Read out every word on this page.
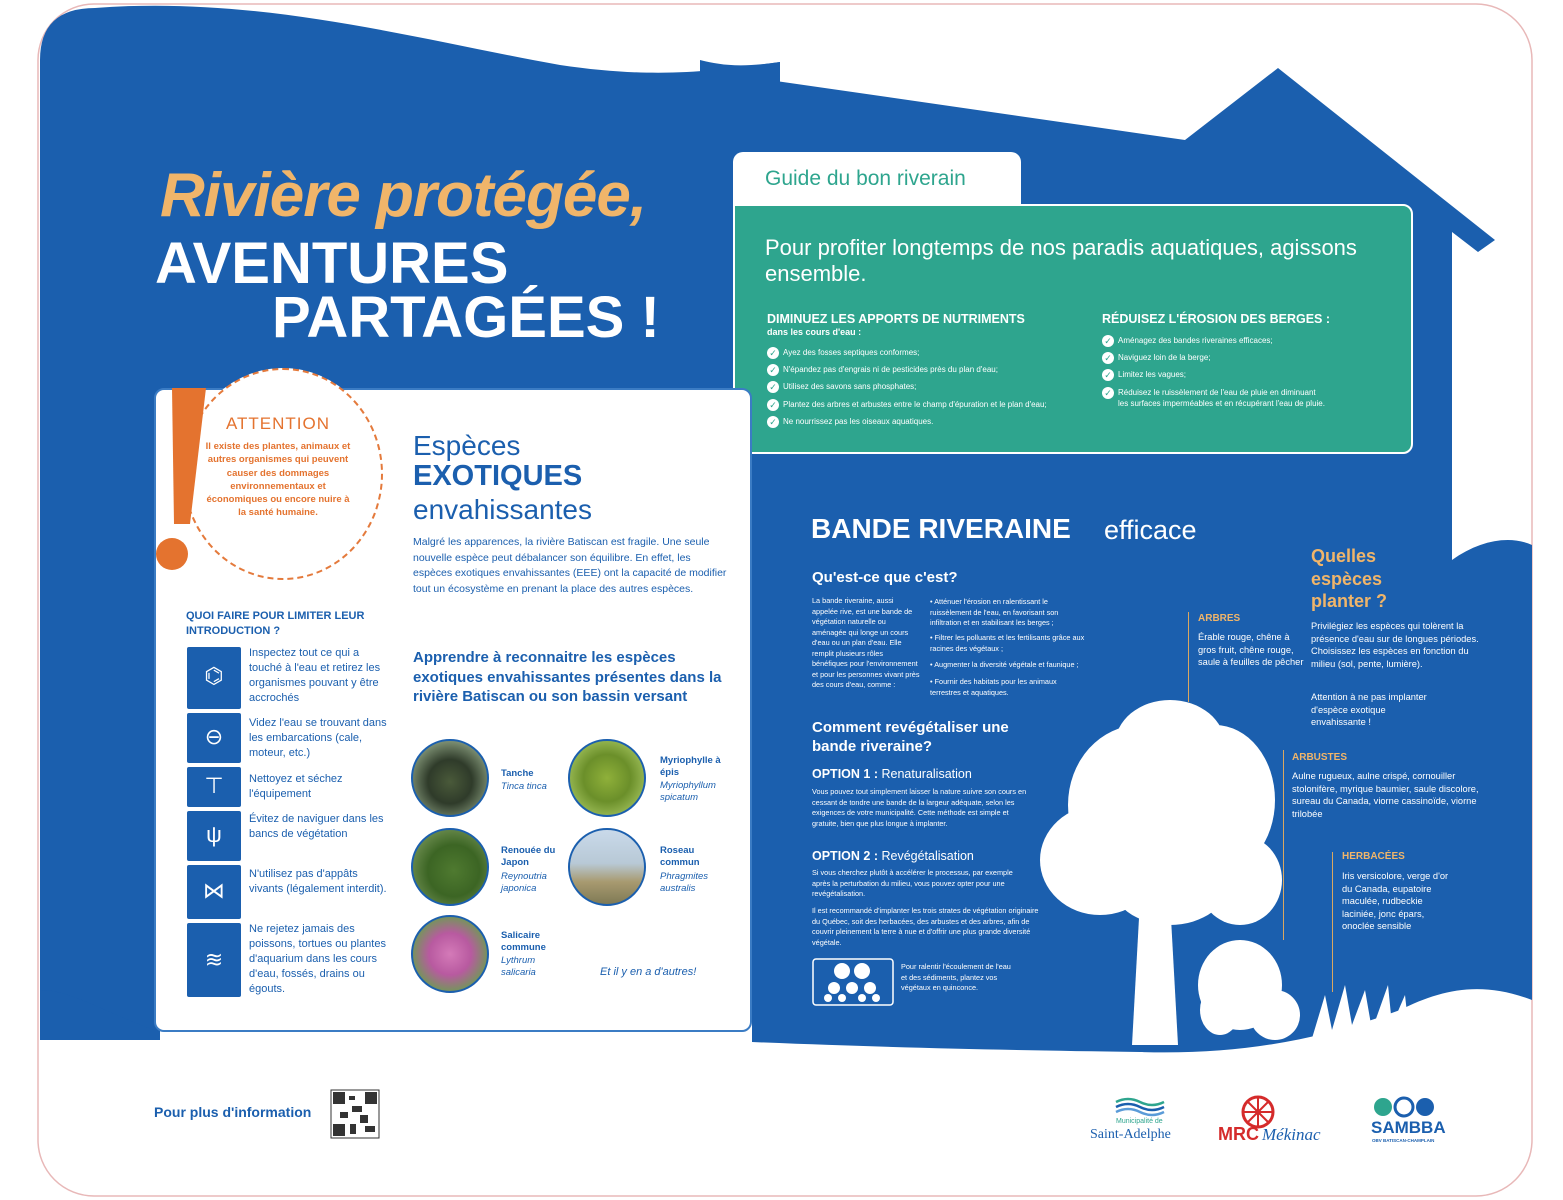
Rivière protégée,
AVENTURES
PARTAGÉES !
Guide du bon riverain
Pour profiter longtemps de nos paradis aquatiques, agissons ensemble.
DIMINUEZ LES APPORTS DE NUTRIMENTS
dans les cours d'eau :
✓ Ayez des fosses septiques conformes;
✓ N'épandez pas d'engrais ni de pesticides près du plan d'eau;
✓ Utilisez des savons sans phosphates;
✓ Plantez des arbres et arbustes entre le champ d'épuration et le plan d'eau;
✓ Ne nourrissez pas les oiseaux aquatiques.
RÉDUISEZ L'ÉROSION DES BERGES :
✓ Aménagez des bandes riveraines efficaces;
✓ Naviguez loin de la berge;
✓ Limitez les vagues;
✓ Réduisez le ruissèlement de l'eau de pluie en diminuant
les surfaces imperméables et en récupérant l'eau de pluie.
ATTENTION
Il existe des plantes, animaux et autres organismes qui peuvent causer des dommages environnementaux et économiques ou encore nuire à la santé humaine.
QUOI FAIRE POUR LIMITER LEUR INTRODUCTION ?
⌬
Inspectez tout ce qui a touché à l'eau et retirez les organismes pouvant y être accrochés
⊖
Videz l'eau se trouvant dans les embarcations (cale, moteur, etc.)
⊤	Nettoyez et séchez l'équipement
ψ
Évitez de naviguer dans les bancs de végétation
⋈
N'utilisez pas d'appâts vivants (légalement interdit).
≋
Ne rejetez jamais des poissons, tortues ou plantes d'aquarium dans les cours d'eau, fossés, drains ou égouts.
Espèces
EXOTIQUES
envahissantes
Malgré les apparences, la rivière Batiscan est fragile. Une seule nouvelle espèce peut débalancer son équilibre. En effet, les espèces exotiques envahissantes (EEE) ont la capacité de modifier tout un écosystème en prenant la place des autres espèces.
Apprendre à reconnaitre les espèces exotiques envahissantes présentes dans la rivière Batiscan ou son bassin versant
Tanche
Tinca tinca
Myriophylle à épis
Myriophyllum spicatum
Renouée du Japon
Reynoutria japonica
Roseau commun
Phragmites australis
Salicaire commune
Lythrum salicaria	Et il y en a d'autres!
BANDE RIVERAINE efficace
Qu'est-ce que c'est?
La bande riveraine, aussi appelée rive, est une bande de végétation naturelle ou aménagée qui longe un cours d'eau ou un plan d'eau. Elle remplit plusieurs rôles bénéfiques pour l'environnement et pour les personnes vivant près des cours d'eau, comme :
• Atténuer l'érosion en ralentissant le ruissèlement de l'eau, en favorisant son infiltration et en stabilisant les berges ;
• Filtrer les polluants et les fertilisants grâce aux racines des végétaux ;
• Augmenter la diversité végétale et faunique ;
• Fournir des habitats pour les animaux terrestres et aquatiques.
Comment revégétaliser une bande riveraine?
OPTION 1 : Renaturalisation
Vous pouvez tout simplement laisser la nature suivre son cours en cessant de tondre une bande de la largeur adéquate, selon les exigences de votre municipalité. Cette méthode est simple et gratuite, bien que plus longue à implanter.
OPTION 2 : Revégétalisation
Si vous cherchez plutôt à accélérer le processus, par exemple après la perturbation du milieu, vous pouvez opter pour une revégétalisation.
Il est recommandé d'implanter les trois strates de végétation originaire du Québec, soit des herbacées, des arbustes et des arbres, afin de couvrir pleinement la terre à nue et d'offrir une plus grande diversité végétale.
Pour ralentir l'écoulement de l'eau et des sédiments, plantez vos végétaux en quinconce.
Quelles espèces planter ?
Privilégiez les espèces qui tolèrent la présence d'eau sur de longues périodes. Choisissez les espèces en fonction du milieu (sol, pente, lumière).
Attention à ne pas implanter d'espèce exotique envahissante !
ARBRES
Érable rouge, chêne à gros fruit, chêne rouge, saule à feuilles de pêcher
ARBUSTES
Aulne rugueux, aulne crispé, cornouiller stolonifère, myrique baumier, saule discolore, sureau du Canada, viorne cassinoïde, viorne trilobée
HERBACÉES
Iris versicolore, verge d'or du Canada, eupatoire maculée, rudbeckie laciniée, jonc épars, onoclée sensible
Pour plus d'information
Municipalité de
Saint-Adelphe	MRC Mékinac	SAMBBA
OBV BATISCAN-CHAMPLAIN
